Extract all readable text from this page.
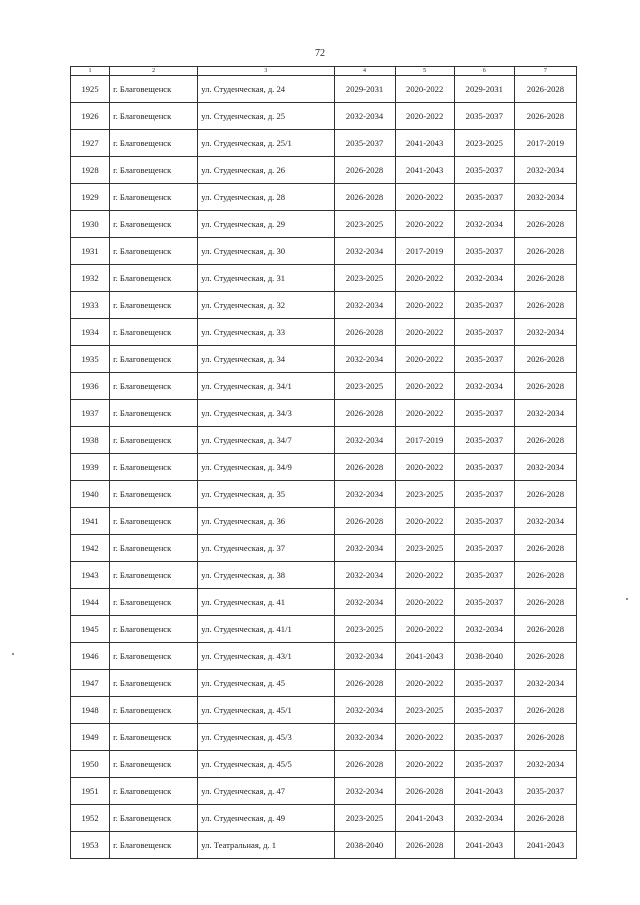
72
1	2	3	4	5	6	7
1925	г. Благовещенск	ул. Студенческая, д. 24	2029-2031	2020-2022	2029-2031	2026-2028
1926	г. Благовещенск	ул. Студенческая, д. 25	2032-2034	2020-2022	2035-2037	2026-2028
1927	г. Благовещенск	ул. Студенческая, д. 25/1	2035-2037	2041-2043	2023-2025	2017-2019
1928	г. Благовещенск	ул. Студенческая, д. 26	2026-2028	2041-2043	2035-2037	2032-2034
1929	г. Благовещенск	ул. Студенческая, д. 28	2026-2028	2020-2022	2035-2037	2032-2034
1930	г. Благовещенск	ул. Студенческая, д. 29	2023-2025	2020-2022	2032-2034	2026-2028
1931	г. Благовещенск	ул. Студенческая, д. 30	2032-2034	2017-2019	2035-2037	2026-2028
1932	г. Благовещенск	ул. Студенческая, д. 31	2023-2025	2020-2022	2032-2034	2026-2028
1933	г. Благовещенск	ул. Студенческая, д. 32	2032-2034	2020-2022	2035-2037	2026-2028
1934	г. Благовещенск	ул. Студенческая, д. 33	2026-2028	2020-2022	2035-2037	2032-2034
1935	г. Благовещенск	ул. Студенческая, д. 34	2032-2034	2020-2022	2035-2037	2026-2028
1936	г. Благовещенск	ул. Студенческая, д. 34/1	2023-2025	2020-2022	2032-2034	2026-2028
1937	г. Благовещенск	ул. Студенческая, д. 34/3	2026-2028	2020-2022	2035-2037	2032-2034
1938	г. Благовещенск	ул. Студенческая, д. 34/7	2032-2034	2017-2019	2035-2037	2026-2028
1939	г. Благовещенск	ул. Студенческая, д. 34/9	2026-2028	2020-2022	2035-2037	2032-2034
1940	г. Благовещенск	ул. Студенческая, д. 35	2032-2034	2023-2025	2035-2037	2026-2028
1941	г. Благовещенск	ул. Студенческая, д. 36	2026-2028	2020-2022	2035-2037	2032-2034
1942	г. Благовещенск	ул. Студенческая, д. 37	2032-2034	2023-2025	2035-2037	2026-2028
1943	г. Благовещенск	ул. Студенческая, д. 38	2032-2034	2020-2022	2035-2037	2026-2028
1944	г. Благовещенск	ул. Студенческая, д. 41	2032-2034	2020-2022	2035-2037	2026-2028
1945	г. Благовещенск	ул. Студенческая, д. 41/1	2023-2025	2020-2022	2032-2034	2026-2028
1946	г. Благовещенск	ул. Студенческая, д. 43/1	2032-2034	2041-2043	2038-2040	2026-2028
1947	г. Благовещенск	ул. Студенческая, д. 45	2026-2028	2020-2022	2035-2037	2032-2034
1948	г. Благовещенск	ул. Студенческая, д. 45/1	2032-2034	2023-2025	2035-2037	2026-2028
1949	г. Благовещенск	ул. Студенческая, д. 45/3	2032-2034	2020-2022	2035-2037	2026-2028
1950	г. Благовещенск	ул. Студенческая, д. 45/5	2026-2028	2020-2022	2035-2037	2032-2034
1951	г. Благовещенск	ул. Студенческая, д. 47	2032-2034	2026-2028	2041-2043	2035-2037
1952	г. Благовещенск	ул. Студенческая, д. 49	2023-2025	2041-2043	2032-2034	2026-2028
1953	г. Благовещенск	ул. Театральная, д. 1	2038-2040	2026-2028	2041-2043	2041-2043
